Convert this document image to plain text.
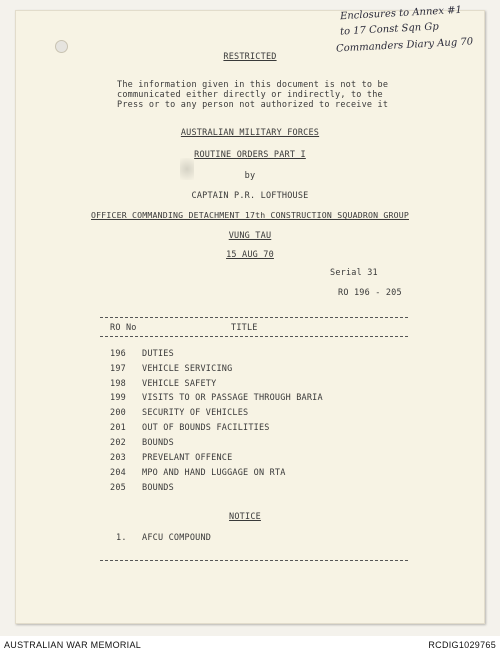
Enclosures to Annex #1
to 17 Const Sqn Gp
Commanders Diary Aug 70
RESTRICTED
The information given in this document is not to be
communicated either directly or indirectly, to the
Press or to any person not authorized to receive it
AUSTRALIAN MILITARY FORCES
ROUTINE ORDERS PART I
by
CAPTAIN P.R. LOFTHOUSE
OFFICER COMMANDING DETACHMENT 17th CONSTRUCTION SQUADRON GROUP
VUNG TAU
15 AUG 70
Serial 31
RO 196 - 205
RO No	TITLE
196 DUTIES
197 VEHICLE SERVICING
198 VEHICLE SAFETY
199 VISITS TO OR PASSAGE THROUGH BARIA
200 SECURITY OF VEHICLES
201 OUT OF BOUNDS FACILITIES
202 BOUNDS
203 PREVELANT OFFENCE
204 MPO AND HAND LUGGAGE ON RTA
205 BOUNDS
NOTICE
1. AFCU COMPOUND
AUSTRALIAN WAR MEMORIAL	RCDIG1029765
